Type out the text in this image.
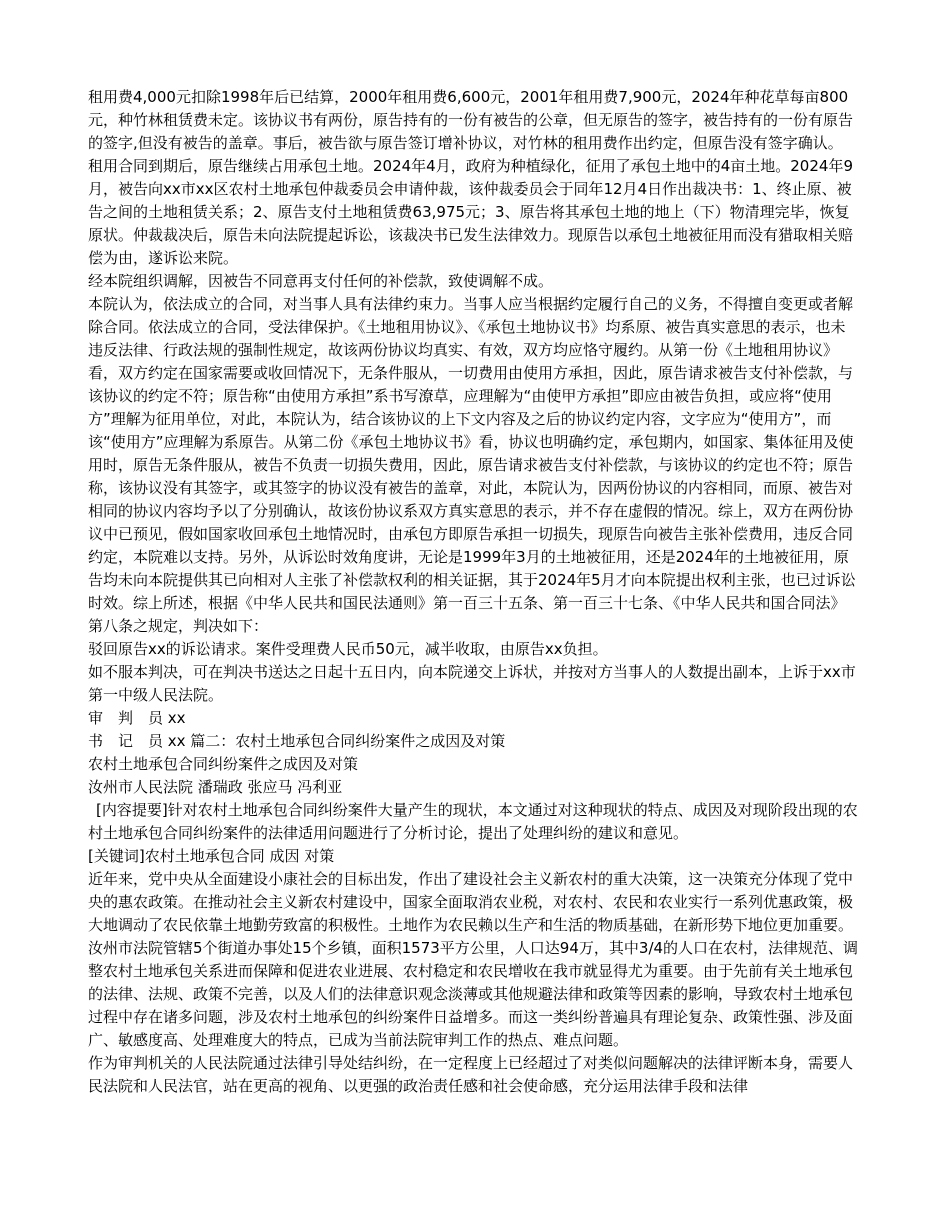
租用费4,000元扣除1998年后已结算，2000年租用费6,600元，2001年租用费7,900元，2024年种花草每亩800元，种竹林租赁费未定。该协议书有两份，原告持有的一份有被告的公章，但无原告的签字，被告持有的一份有原告的签字,但没有被告的盖章。事后，被告欲与原告签订增补协议，对竹林的租用费作出约定，但原告没有签字确认。

租用合同到期后，原告继续占用承包土地。2024年4月，政府为种植绿化，征用了承包土地中的4亩土地。2024年9月，被告向xx市xx区农村土地承包仲裁委员会申请仲裁，该仲裁委员会于同年12月4日作出裁决书：1、终止原、被告之间的土地租赁关系；2、原告支付土地租赁费63,975元；3、原告将其承包土地的地上（下）物清理完毕，恢复原状。仲裁裁决后，原告未向法院提起诉讼，该裁决书已发生法律效力。现原告以承包土地被征用而没有猎取相关赔偿为由，遂诉讼来院。

经本院组织调解，因被告不同意再支付任何的补偿款，致使调解不成。

本院认为，依法成立的合同，对当事人具有法律约束力。当事人应当根据约定履行自己的义务，不得擅自变更或者解除合同。依法成立的合同，受法律保护。《土地租用协议》、《承包土地协议书》均系原、被告真实意思的表示，也未违反法律、行政法规的强制性规定，故该两份协议均真实、有效，双方均应恪守履约。从第一份《土地租用协议》看，双方约定在国家需要或收回情况下，无条件服从，一切费用由使用方承担，因此，原告请求被告支付补偿款，与该协议的约定不符；原告称“由使用方承担”系书写潦草，应理解为“由使甲方承担”即应由被告负担，或应将“使用方”理解为征用单位，对此，本院认为，结合该协议的上下文内容及之后的协议约定内容，文字应为“使用方”，而该“使用方”应理解为系原告。从第二份《承包土地协议书》看，协议也明确约定，承包期内，如国家、集体征用及使用时，原告无条件服从，被告不负责一切损失费用，因此，原告请求被告支付补偿款，与该协议的约定也不符；原告称，该协议没有其签字，或其签字的协议没有被告的盖章，对此，本院认为，因两份协议的内容相同，而原、被告对相同的协议内容均予以了分别确认，故该份协议系双方真实意思的表示，并不存在虚假的情况。综上，双方在两份协议中已预见，假如国家收回承包土地情况时，由承包方即原告承担一切损失，现原告向被告主张补偿费用，违反合同约定，本院难以支持。另外，从诉讼时效角度讲，无论是1999年3月的土地被征用，还是2024年的土地被征用，原告均未向本院提供其已向相对人主张了补偿款权利的相关证据，其于2024年5月才向本院提出权利主张，也已过诉讼时效。综上所述，根据《中华人民共和国民法通则》第一百三十五条、第一百三十七条、《中华人民共和国合同法》第八条之规定，判决如下：

驳回原告xx的诉讼请求。案件受理费人民币50元，减半收取，由原告xx负担。

如不服本判决，可在判决书送达之日起十五日内，向本院递交上诉状，并按对方当事人的人数提出副本，上诉于xx市第一中级人民法院。

审　判　员 xx

书　记　员 xx 篇二：农村土地承包合同纠纷案件之成因及对策

农村土地承包合同纠纷案件之成因及对策

汝州市人民法院 潘瑞政 张应马 冯利亚

[内容提要]针对农村土地承包合同纠纷案件大量产生的现状，本文通过对这种现状的特点、成因及对现阶段出现的农村土地承包合同纠纷案件的法律适用问题进行了分析讨论，提出了处理纠纷的建议和意见。

[关键词]农村土地承包合同 成因 对策

近年来，党中央从全面建设小康社会的目标出发，作出了建设社会主义新农村的重大决策，这一决策充分体现了党中央的惠农政策。在推动社会主义新农村建设中，国家全面取消农业税，对农村、农民和农业实行一系列优惠政策，极大地调动了农民依靠土地勤劳致富的积极性。土地作为农民赖以生产和生活的物质基础，在新形势下地位更加重要。汝州市法院管辖5个街道办事处15个乡镇，面积1573平方公里，人口达94万，其中3/4的人口在农村，法律规范、调整农村土地承包关系进而保障和促进农业进展、农村稳定和农民增收在我市就显得尤为重要。由于先前有关土地承包的法律、法规、政策不完善，以及人们的法律意识观念淡薄或其他规避法律和政策等因素的影响，导致农村土地承包过程中存在诸多问题，涉及农村土地承包的纠纷案件日益增多。而这一类纠纷普遍具有理论复杂、政策性强、涉及面广、敏感度高、处理难度大的特点，已成为当前法院审判工作的热点、难点问题。

作为审判机关的人民法院通过法律引导处结纠纷，在一定程度上已经超过了对类似问题解决的法律评断本身，需要人民法院和人民法官，站在更高的视角、以更强的政治责任感和社会使命感，充分运用法律手段和法律
